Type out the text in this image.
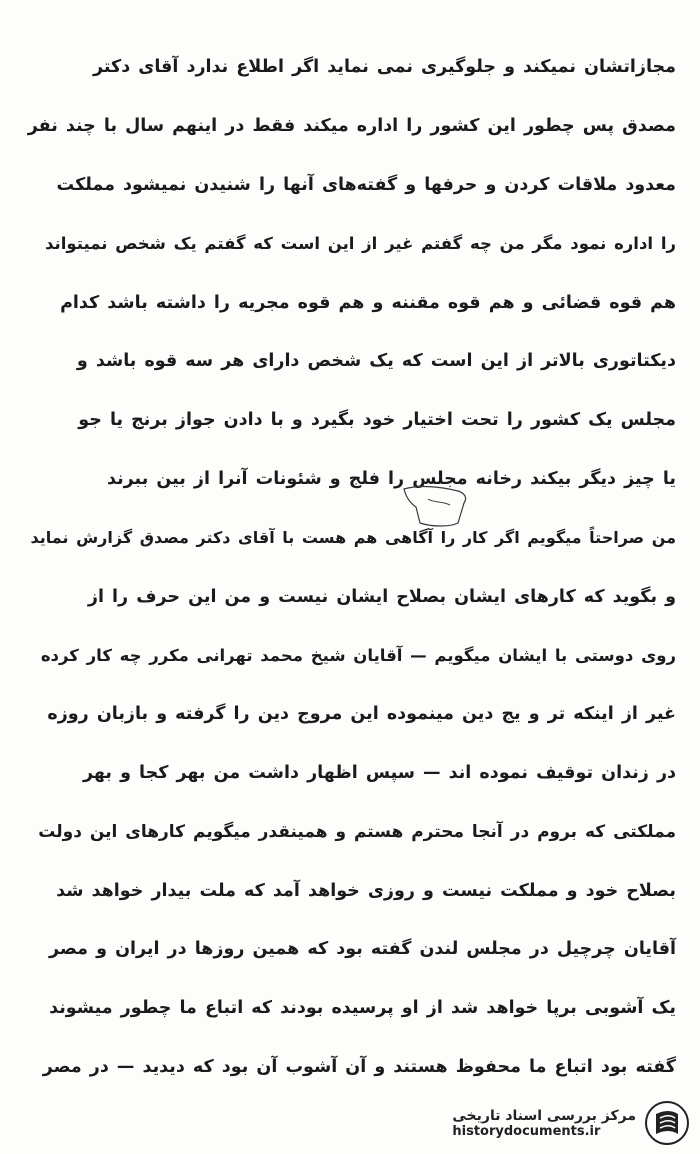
مجازاتشان نمیکند و جلوگیری نمی نماید اگر اطلاع ندارد آقای دکتر
مصدق پس چطور این کشور را اداره میکند فقط در اینهم سال با چند نفر
معدود ملاقات کردن و حرفها و گفته‌های آنها را شنیدن نمیشود مملکت
را اداره نمود مگر من چه گفتم غیر از این است که گفتم یک شخص نمیتواند
هم قوه قضائی و هم قوه مقننه و هم قوه مجریه را داشته باشد کدام
دیکتاتوری بالاتر از این است که یک شخص دارای هر سه قوه باشد و
مجلس یک کشور را تحت اختیار خود بگیرد و با دادن جواز برنج یا جو
یا چیز دیگر بیکند رخانه مجلس را فلج و شئونات آنرا از بین ببرند
من صراحتاً میگویم اگر کار را آگاهی هم هست با آقای دکتر مصدق گزارش نماید
و بگوید که کارهای ایشان بصلاح ایشان نیست و من این حرف را از
روی دوستی با ایشان میگویم — آقایان شیخ محمد تهرانی مکرر چه کار کرده
غیر از اینکه تر و یج دین مینموده این مروج دین را گرفته و بازبان روزه
در زندان توقیف نموده اند — سپس اظهار داشت من بهر کجا و بهر
مملکتی که بروم در آنجا محترم هستم و همینقدر میگویم کارهای این دولت
بصلاح خود و مملکت نیست و روزی خواهد آمد که ملت بیدار خواهد شد
آقایان چرچیل در مجلس لندن گفته بود که همین روزها در ایران و مصر
یک آشوبی برپا خواهد شد از او پرسیده بودند که اتباع ما چطور میشوند
گفته بود اتباع ما محفوظ هستند و آن آشوب آن بود که دیدید — در مصر
مرکز بررسی اسناد تاریخی
historydocuments.ir
